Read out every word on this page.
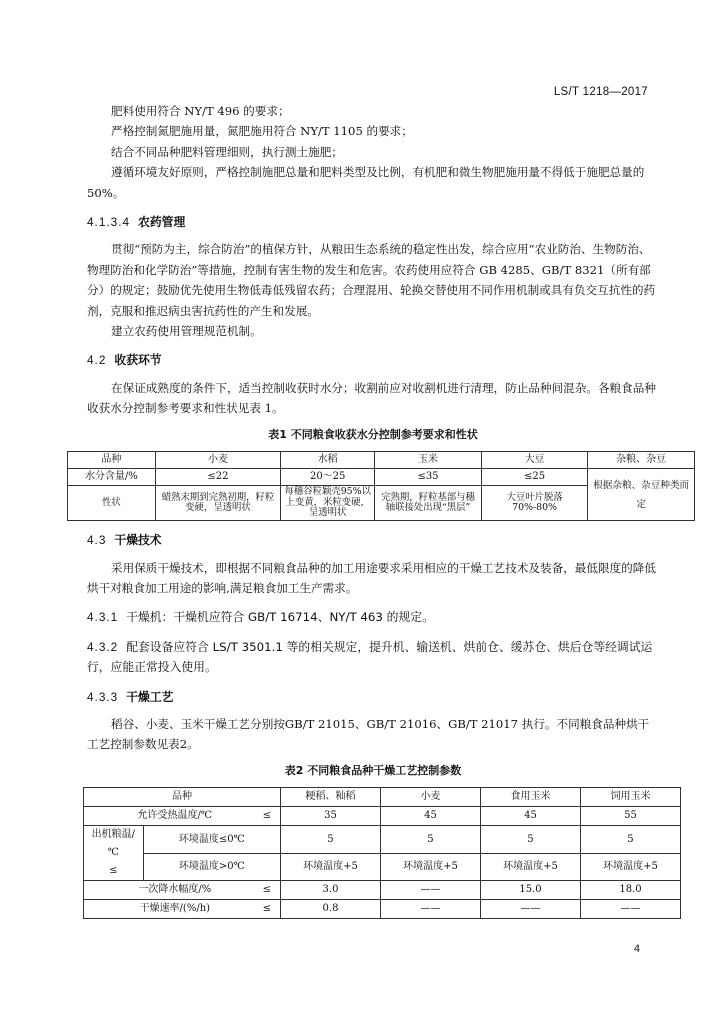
LS/T 1218—2017

肥料使用符合 NY/T 496 的要求；

严格控制氮肥施用量，氮肥施用符合 NY/T 1105 的要求；

结合不同品种肥料管理细则，执行测土施肥；

遵循环境友好原则，严格控制施肥总量和肥料类型及比例，有机肥和微生物肥施用量不得低于施肥总量的 50%。

4.1.3.4 农药管理

贯彻“预防为主，综合防治”的植保方针，从粮田生态系统的稳定性出发，综合应用“农业防治、生物防治、物理防治和化学防治”等措施，控制有害生物的发生和危害。农药使用应符合 GB 4285、GB/T 8321（所有部分）的规定；鼓励优先使用生物低毒低残留农药；合理混用、轮换交替使用不同作用机制或具有负交互抗性的药剂，克服和推迟病虫害抗药性的产生和发展。

建立农药使用管理规范机制。

4.2 收获环节

在保证成熟度的条件下，适当控制收获时水分；收割前应对收割机进行清理，防止品种间混杂。各粮食品种收获水分控制参考要求和性状见表 1。

表1 不同粮食收获水分控制参考要求和性状
品种	小麦	水稻	玉米	大豆	杂粮、杂豆
水分含量/%	≤22	20～25	≤35	≤25	根据杂粮、杂豆种类而定
性状	蜡熟末期到完熟初期，籽粒变硬，呈透明状	每穗谷粒颖壳95%以上变黄，米粒变硬，呈透明状	完熟期，籽粒基部与穗轴联接处出现“黑层”	大豆叶片脱落70%-80%	
4.3 干燥技术

采用保质干燥技术，即根据不同粮食品种的加工用途要求采用相应的干燥工艺技术及装备，最低限度的降低烘干对粮食加工用途的影响,满足粮食加工生产需求。

4.3.1 干燥机：干燥机应符合 GB/T 16714、NY/T 463 的规定。
4.3.2 配套设备应符合 LS/T 3501.1 等的相关规定，提升机、输送机、烘前仓、缓苏仓、烘后仓等经调试运行，应能正常投入使用。
4.3.3 干燥工艺

稻谷、小麦、玉米干燥工艺分别按GB/T 21015、GB/T 21016、GB/T 21017 执行。不同粮食品种烘干工艺控制参数见表2。

表2 不同粮食品种干燥工艺控制参数
品种		粳稻、籼稻	小麦	食用玉米	饲用玉米
允许受热温度/℃ ≤		35	45	45	55
出机粮温/℃
≤	环境温度≤0℃	5	5	5	5
	环境温度>0℃	环境温度+5	环境温度+5	环境温度+5	环境温度+5
一次降水幅度/% ≤		3.0	——	15.0	18.0
干燥速率/(%/h) ≤		0.8	——	——	——
4
